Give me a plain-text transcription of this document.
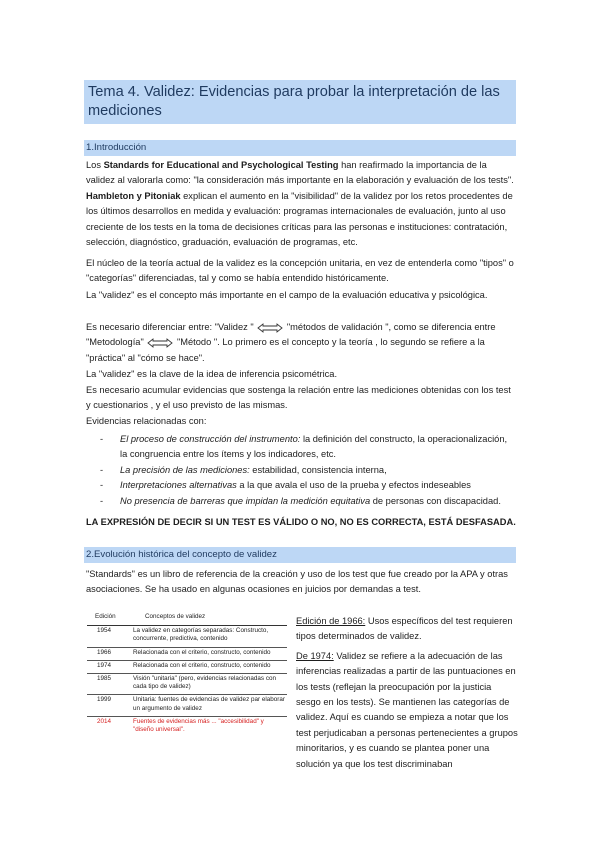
Tema 4. Validez: Evidencias para probar la interpretación de las mediciones
1.Introducción

Los Standards for Educational and Psychological Testing han reafirmado la importancia de la validez al valorarla como: "la consideración más importante en la elaboración y evaluación de los tests". Hambleton y Pitoniak explican el aumento en la "visibilidad" de la validez por los retos procedentes de los últimos desarrollos en medida y evaluación: programas internacionales de evaluación, junto al uso creciente de los tests en la toma de decisiones críticas para las personas e instituciones: contratación, selección, diagnóstico, graduación, evaluación de programas, etc.

El núcleo de la teoría actual de la validez es la concepción unitaria, en vez de entenderla como "tipos" o "categorías" diferenciadas, tal y como se había entendido históricamente.

La "validez" es el concepto más importante en el campo de la evaluación educativa y psicológica.

Es necesario diferenciar entre: "Validez "	"métodos de validación ", como se diferencia entre "Metodología"	"Método ". Lo primero es el concepto y la teoría , lo segundo se refiere a la "práctica" al "cómo se hace".

La "validez" es la clave de la idea de inferencia psicométrica.

Es necesario acumular evidencias que sostenga la relación entre las mediciones obtenidas con los test y cuestionarios , y el uso previsto de las mismas.

Evidencias relacionadas con:

- El proceso de construcción del instrumento: la definición del constructo, la operacionalización, la congruencia entre los ítems y los indicadores, etc.
- La precisión de las mediciones: estabilidad, consistencia interna,
- Interpretaciones alternativas a la que avala el uso de la prueba y efectos indeseables
- No presencia de barreras que impidan la medición equitativa de personas con discapacidad.
LA EXPRESIÓN DE DECIR SI UN TEST ES VÁLIDO O NO, NO ES CORRECTA, ESTÁ DESFASADA.
2.Evolución histórica del concepto de validez

"Standards" es un libro de referencia de la creación y uso de los test que fue creado por la APA y otras asociaciones. Se ha usado en algunas ocasiones en juicios por demandas a test.

Edición	Conceptos de validez
1954	La validez en categorías separadas: Constructo, concurrente, predictiva, contenido
1966	Relacionada con el criterio, constructo, contenido
1974	Relacionada con el criterio, constructo, contenido
1985	Visión "unitaria" (pero, evidencias relacionadas con cada tipo de validez)
1999	Unitaria: fuentes de evidencias de validez par elaborar un argumento de validez
2014	Fuentes de evidencias más ... "accesibilidad" y "diseño universal".

Edición de 1966: Usos específicos del test requieren tipos determinados de validez.

De 1974: Validez se refiere a la adecuación de las inferencias realizadas a partir de las puntuaciones en los tests (reflejan la preocupación por la justicia sesgo en los tests). Se mantienen las categorías de validez. Aquí es cuando se empieza a notar que los test perjudicaban a personas pertenecientes a grupos minoritarios, y es cuando se plantea poner una solución ya que los test discriminaban
